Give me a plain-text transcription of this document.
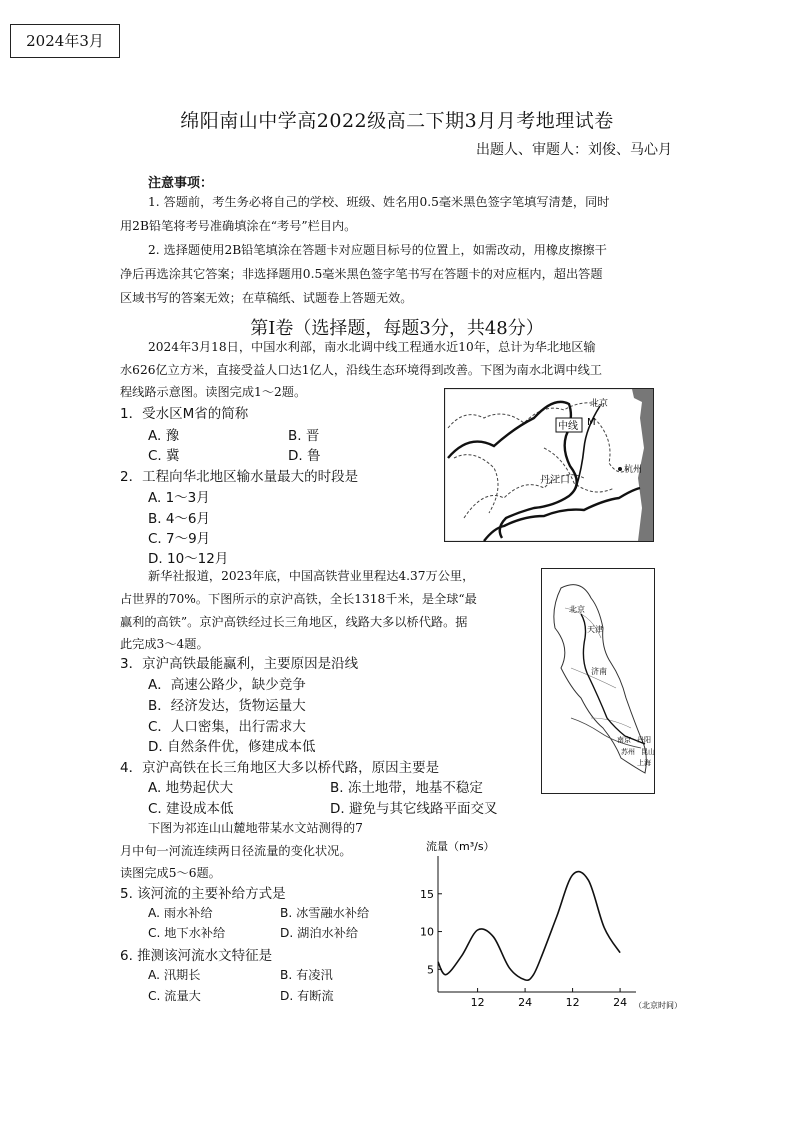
2024年3月
绵阳南山中学高2022级高二下期3月月考地理试卷
出题人、审题人：刘俊、马心月
注意事项：
1. 答题前，考生务必将自己的学校、班级、姓名用0.5毫米黑色签字笔填写清楚，同时
用2B铅笔将考号准确填涂在“考号”栏目内。
2. 选择题使用2B铅笔填涂在答题卡对应题目标号的位置上，如需改动，用橡皮擦擦干
净后再选涂其它答案；非选择题用0.5毫米黑色签字笔书写在答题卡的对应框内，超出答题
区域书写的答案无效；在草稿纸、试题卷上答题无效。
第Ⅰ卷（选择题，每题3分，共48分）
2024年3月18日，中国水利部，南水北调中线工程通水近10年，总计为华北地区输
水626亿立方米，直接受益人口达1亿人，沿线生态环境得到改善。下图为南水北调中线工
程线路示意图。读图完成1～2题。
中线 M
北京
杭州
丹江口
1．受水区M省的简称
A. 豫	B. 晋
C. 冀	D. 鲁
2．工程向华北地区输水量最大的时段是
A. 1～3月
B. 4～6月
C. 7～9月
D. 10～12月
新华社报道，2023年底，中国高铁营业里程达4.37万公里，
占世界的70%。下图所示的京沪高铁，全长1318千米，是全球“最
赢利的高铁”。京沪高铁经过长三角地区，线路大多以桥代路。据
此完成3～4题。
北京
天津
济南
南京 丹阳
苏州 昆山
上海
3．京沪高铁最能赢利，主要原因是沿线
A．高速公路少，缺少竞争
B．经济发达，货物运量大
C．人口密集，出行需求大
D. 自然条件优，修建成本低
4．京沪高铁在长三角地区大多以桥代路，原因主要是
A. 地势起伏大	B. 冻土地带，地基不稳定
C. 建设成本低	D. 避免与其它线路平面交叉
下图为祁连山山麓地带某水文站测得的7
月中旬一河流连续两日径流量的变化状况。
读图完成5～6题。
5. 该河流的主要补给方式是
A. 雨水补给	B. 冰雪融水补给
C. 地下水补给	D. 湖泊水补给
6. 推测该河流水文特征是
A. 汛期长	B. 有凌汛
C. 流量大	D. 有断流
流量（m³/s）
5
10
15
12	24	12	24 （北京时间）
